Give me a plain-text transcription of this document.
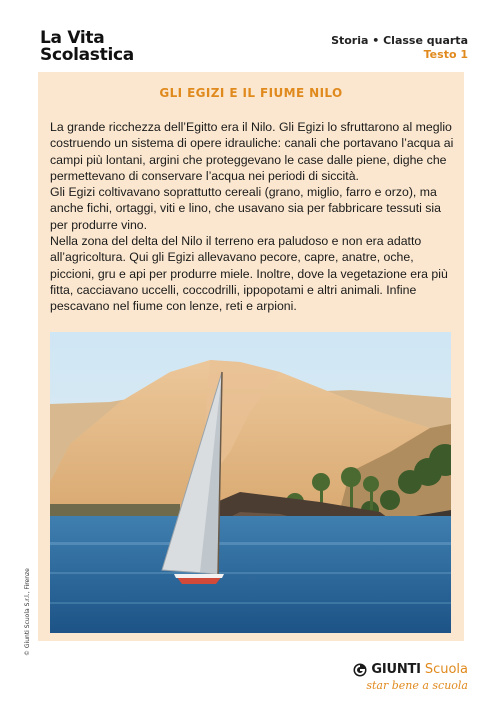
La Vita
Scolastica
Storia • Classe quarta
Testo 1
GLI EGIZI E IL FIUME NILO

La grande ricchezza dell’Egitto era il Nilo. Gli Egizi lo sfruttarono al meglio costruendo un sistema di opere idrauliche: canali che portavano l’acqua ai campi più lontani, argini che proteggevano le case dalle piene, dighe che permettevano di conservare l’acqua nei periodi di siccità.

Gli Egizi coltivavano soprattutto cereali (grano, miglio, farro e orzo), ma anche fichi, ortaggi, viti e lino, che usavano sia per fabbricare tessuti sia per produrre vino.

Nella zona del delta del Nilo il terreno era paludoso e non era adatto all’agricoltura. Qui gli Egizi allevavano pecore, capre, anatre, oche, piccioni, gru e api per produrre miele. Inoltre, dove la vegetazione era più fitta, cacciavano uccelli, coccodrilli, ippopotami e altri animali. Infine pescavano nel fiume con lenze, reti e arpioni.

© Giunti Scuola S.r.l., Firenze
GIUNTI Scuola
star bene a scuola
